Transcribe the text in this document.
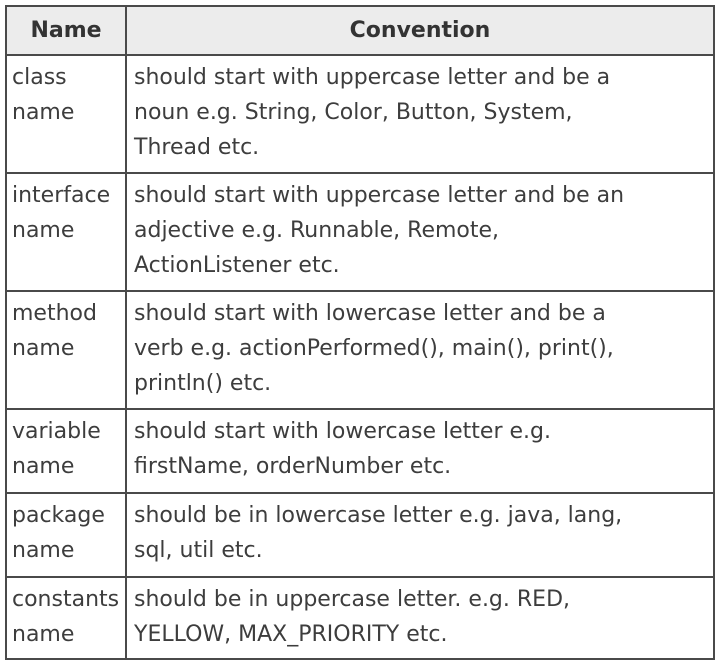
Name	Convention

class
name	should start with uppercase letter and be a
noun e.g. String, Color, Button, System,
Thread etc.

interface
name	should start with uppercase letter and be an
adjective e.g. Runnable, Remote,
ActionListener etc.

method
name	should start with lowercase letter and be a
verb e.g. actionPerformed(), main(), print(),
println() etc.

variable
name	should start with lowercase letter e.g.
firstName, orderNumber etc.

package
name	should be in lowercase letter e.g. java, lang,
sql, util etc.

constants
name	should be in uppercase letter. e.g. RED,
YELLOW, MAX_PRIORITY etc.
